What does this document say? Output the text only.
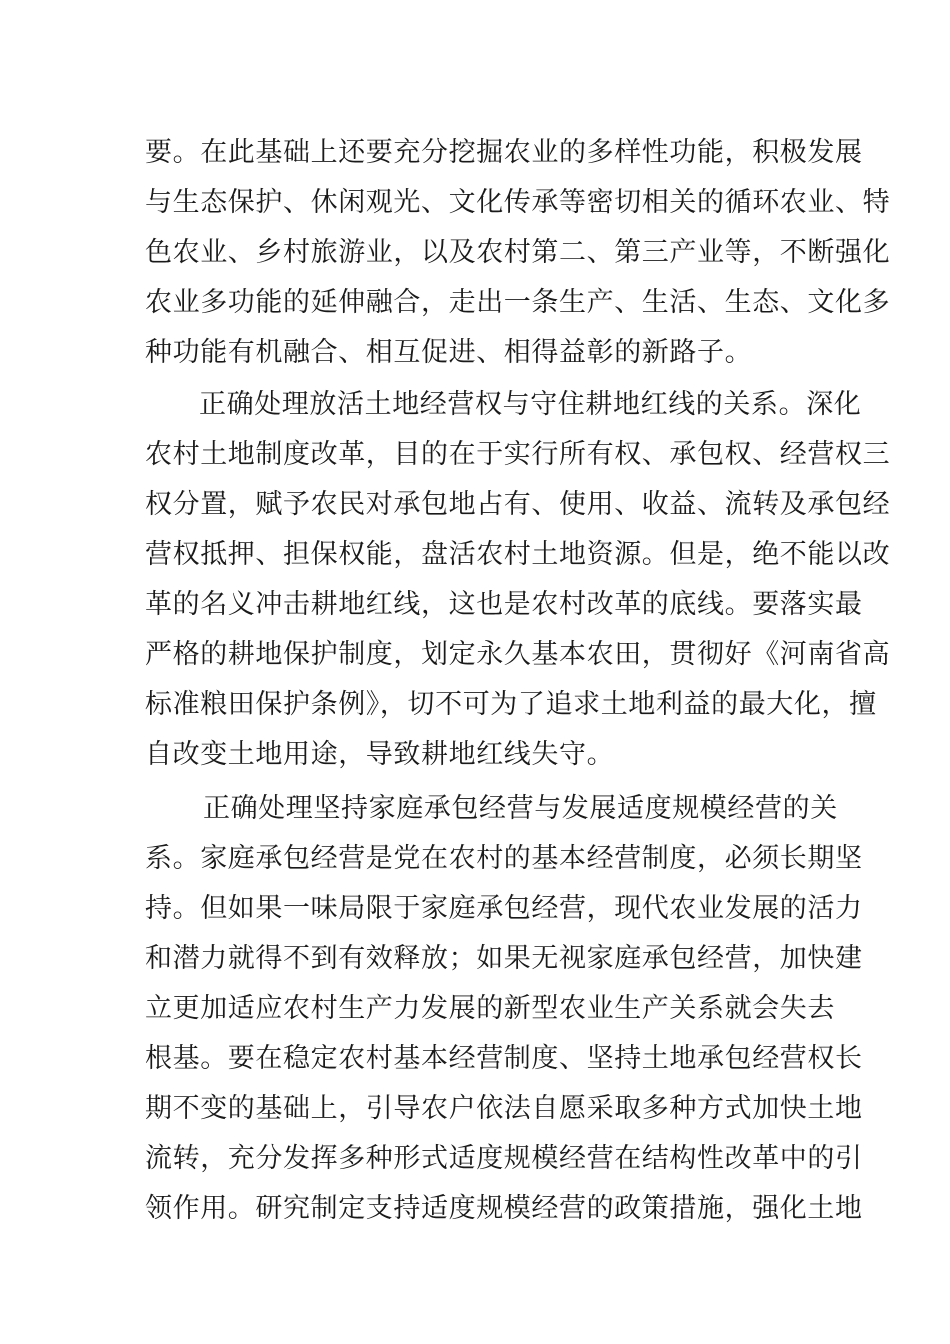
要。在此基础上还要充分挖掘农业的多样性功能，积极发展
与生态保护、休闲观光、文化传承等密切相关的循环农业、特
色农业、乡村旅游业，以及农村第二、第三产业等，不断强化
农业多功能的延伸融合，走出一条生产、生活、生态、文化多
种功能有机融合、相互促进、相得益彰的新路子。
正确处理放活土地经营权与守住耕地红线的关系。深化
农村土地制度改革，目的在于实行所有权、承包权、经营权三
权分置，赋予农民对承包地占有、使用、收益、流转及承包经
营权抵押、担保权能，盘活农村土地资源。但是，绝不能以改
革的名义冲击耕地红线，这也是农村改革的底线。要落实最
严格的耕地保护制度，划定永久基本农田，贯彻好《河南省高
标准粮田保护条例》，切不可为了追求土地利益的最大化，擅
自改变土地用途，导致耕地红线失守。
正确处理坚持家庭承包经营与发展适度规模经营的关
系。家庭承包经营是党在农村的基本经营制度，必须长期坚
持。但如果一味局限于家庭承包经营，现代农业发展的活力
和潜力就得不到有效释放；如果无视家庭承包经营，加快建
立更加适应农村生产力发展的新型农业生产关系就会失去
根基。要在稳定农村基本经营制度、坚持土地承包经营权长
期不变的基础上，引导农户依法自愿采取多种方式加快土地
流转，充分发挥多种形式适度规模经营在结构性改革中的引
领作用。研究制定支持适度规模经营的政策措施，强化土地
